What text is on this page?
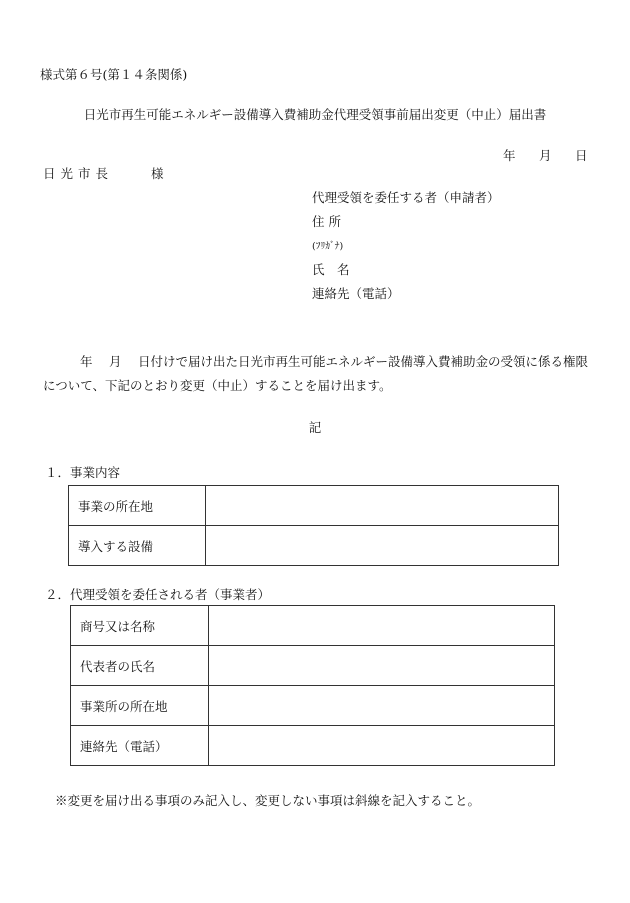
様式第６号(第１４条関係)
日光市再生可能エネルギー設備導入費補助金代理受領事前届出変更（中止）届出書
年 月 日
日光市長	様
代理受領を委任する者（申請者）
住 所
(ﾌﾘｶﾞﾅ)
氏　名
連絡先（電話）
年　 月　 日付けで届け出た日光市再生可能エネルギー設備導入費補助金の受領に係る権限について、下記のとおり変更（中止）することを届け出ます。
記
１．事業内容
事業の所在地	
導入する設備	
２．代理受領を委任される者（事業者）
商号又は名称	
代表者の氏名	
事業所の所在地	
連絡先（電話）	
※変更を届け出る事項のみ記入し、変更しない事項は斜線を記入すること。
